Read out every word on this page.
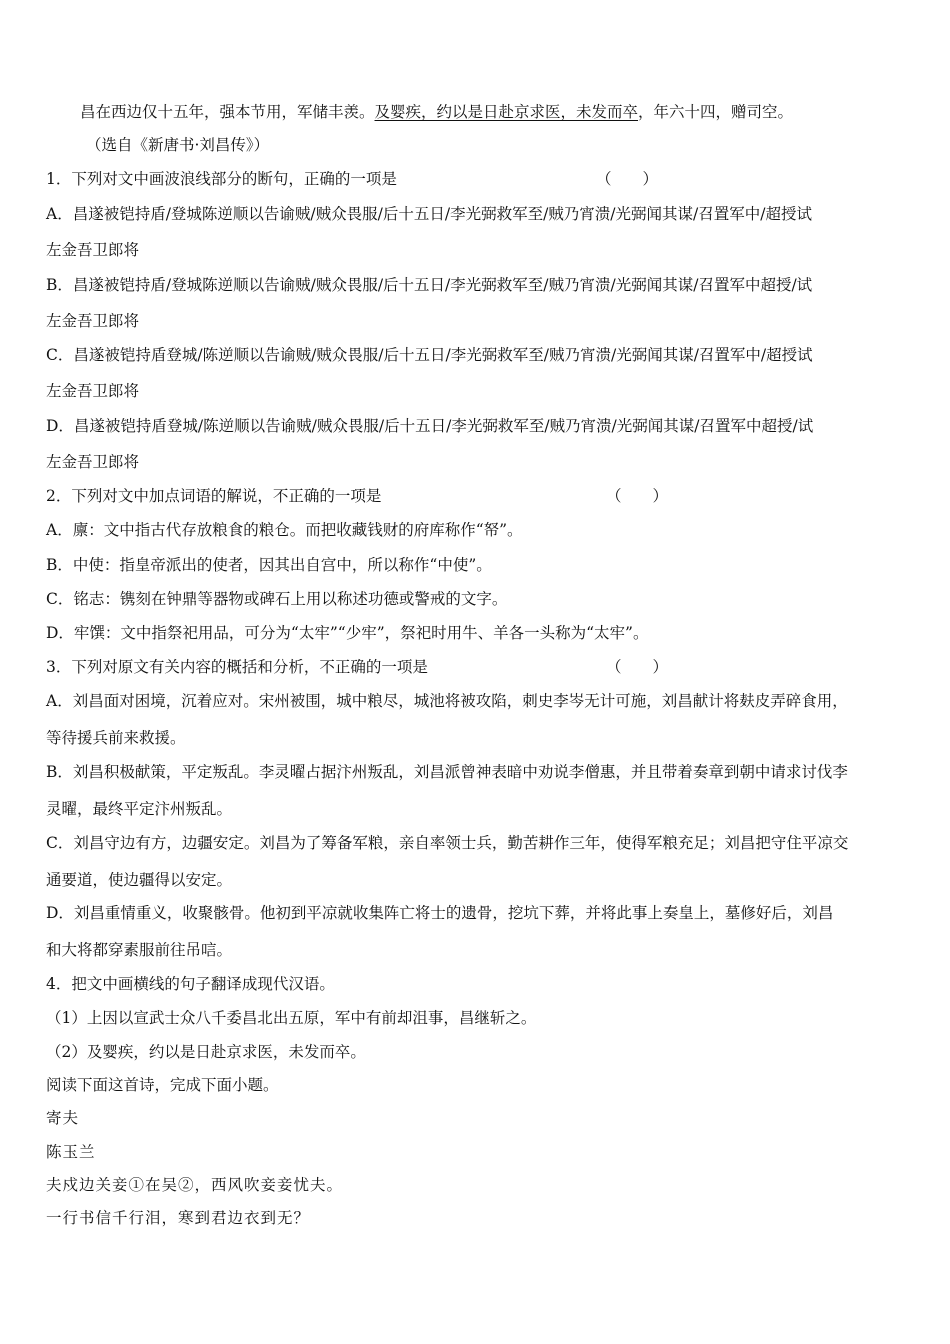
昌在西边仅十五年，强本节用，军储丰羡。及婴疾，约以是日赴京求医，未发而卒，年六十四，赠司空。
（选自《新唐书·刘昌传》）
1．下列对文中画波浪线部分的断句，正确的一项是	（　　）
A．昌遂被铠持盾/登城陈逆顺以告谕贼/贼众畏服/后十五日/李光弼救军至/贼乃宵溃/光弼闻其谋/召置军中/超授试
左金吾卫郎将
B．昌遂被铠持盾/登城陈逆顺以告谕贼/贼众畏服/后十五日/李光弼救军至/贼乃宵溃/光弼闻其谋/召置军中超授/试
左金吾卫郎将
C．昌遂被铠持盾登城/陈逆顺以告谕贼/贼众畏服/后十五日/李光弼救军至/贼乃宵溃/光弼闻其谋/召置军中/超授试
左金吾卫郎将
D．昌遂被铠持盾登城/陈逆顺以告谕贼/贼众畏服/后十五日/李光弼救军至/贼乃宵溃/光弼闻其谋/召置军中超授/试
左金吾卫郎将
2．下列对文中加点词语的解说，不正确的一项是	（　　）
A．廪：文中指古代存放粮食的粮仓。而把收藏钱财的府库称作“帑”。
B．中使：指皇帝派出的使者，因其出自宫中，所以称作“中使”。
C．铭志：镌刻在钟鼎等器物或碑石上用以称述功德或警戒的文字。
D．牢馔：文中指祭祀用品，可分为“太牢”“少牢”，祭祀时用牛、羊各一头称为“太牢”。
3．下列对原文有关内容的概括和分析，不正确的一项是	（　　）
A．刘昌面对困境，沉着应对。宋州被围，城中粮尽，城池将被攻陷，刺史李岑无计可施，刘昌献计将麸皮弄碎食用，
等待援兵前来救援。
B．刘昌积极献策，平定叛乱。李灵曜占据汴州叛乱，刘昌派曾神表暗中劝说李僧惠，并且带着奏章到朝中请求讨伐李
灵曜，最终平定汴州叛乱。
C．刘昌守边有方，边疆安定。刘昌为了筹备军粮，亲自率领士兵，勤苦耕作三年，使得军粮充足；刘昌把守住平凉交
通要道，使边疆得以安定。
D．刘昌重情重义，收聚骸骨。他初到平凉就收集阵亡将士的遗骨，挖坑下葬，并将此事上奏皇上，墓修好后，刘昌
和大将都穿素服前往吊唁。
4．把文中画横线的句子翻译成现代汉语。
（1）上因以宣武士众八千委昌北出五原，军中有前却沮事，昌继斩之。
（2）及婴疾，约以是日赴京求医，未发而卒。
阅读下面这首诗，完成下面小题。
寄夫
陈玉兰
夫戍边关妾①在吴②，西风吹妾妾忧夫。
一行书信千行泪，寒到君边衣到无？
